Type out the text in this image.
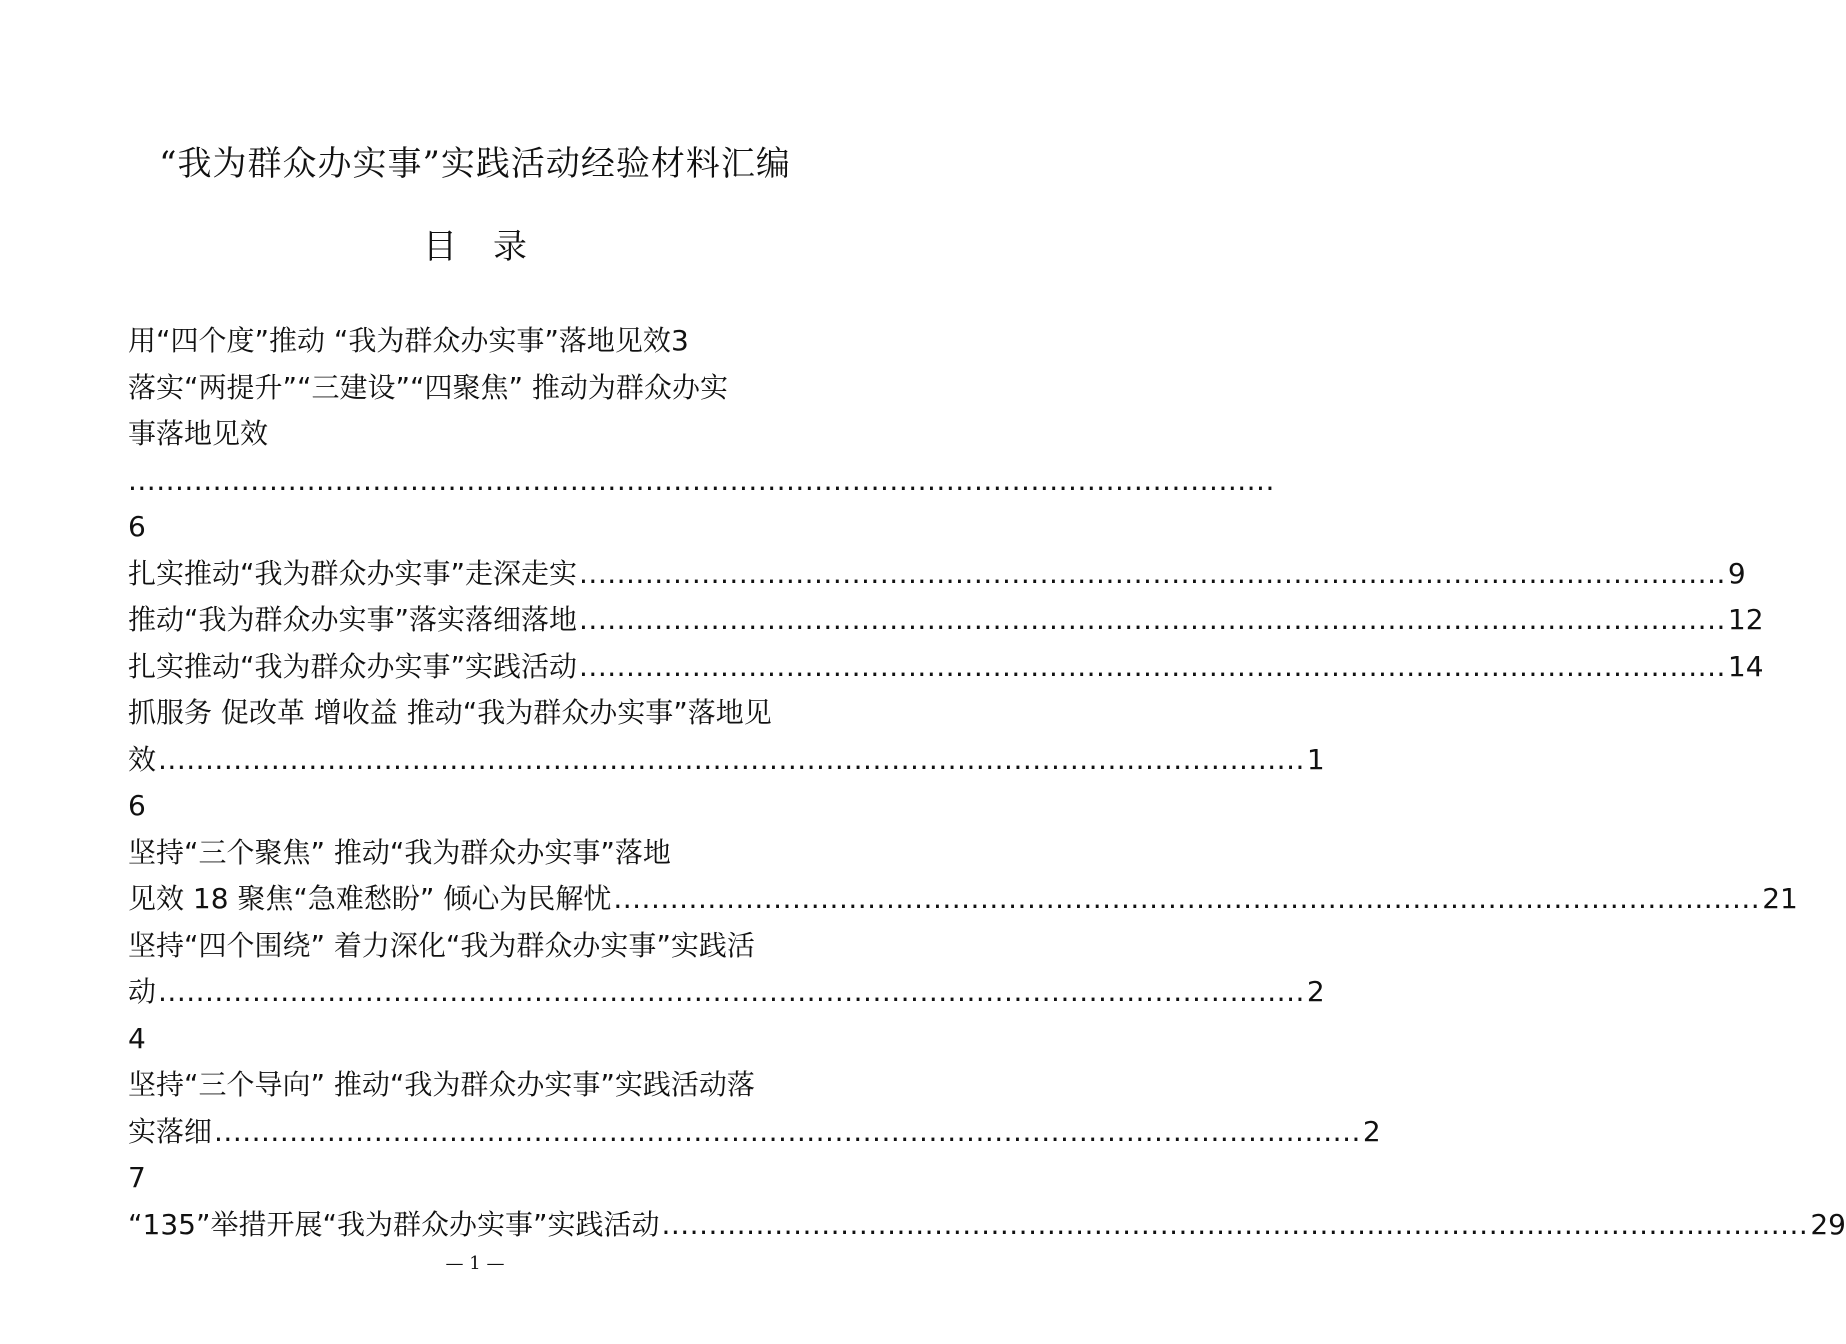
“我为群众办实事”实践活动经验材料汇编
目 录
用“四个度”推动 “我为群众办实事”落地见效 3
落实“两提升”“三建设”“四聚焦” 推动为群众办实
事落地见效
..........................................................................................................................
6
扎实推动“我为群众办实事”走深走实 .......................................................................................................................... 9
推动“我为群众办实事”落实落细落地 .......................................................................................................................... 12
扎实推动“我为群众办实事”实践活动 .......................................................................................................................... 14
抓服务 促改革 增收益 推动“我为群众办实事”落地见
效 .......................................................................................................................... 1
6
坚持“三个聚焦” 推动“我为群众办实事”落地
见效 18 聚焦“急难愁盼” 倾心为民解忧 .......................................................................................................................... 21
坚持“四个围绕” 着力深化“我为群众办实事”实践活
动 .......................................................................................................................... 2
4
坚持“三个导向” 推动“我为群众办实事”实践活动落
实落细 .......................................................................................................................... 2
7
“135”举措开展“我为群众办实事”实践活动 .......................................................................................................................... 29
— 1 —
